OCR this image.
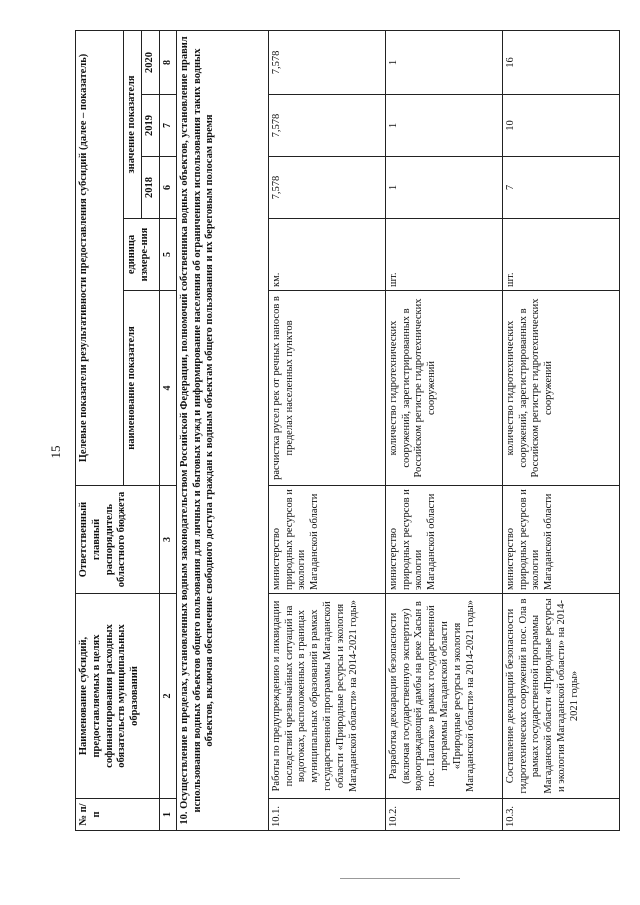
15
№ п/п	Наименование субсидий, предоставляемых в целях софинансирования расходных обязательств муниципальных образований	Ответственный главный распорядитель областного бюджета	Целевые показатели результативности предоставления субсидий (далее – показатель)				
			наименование показателя	единица измере-ния	значение показателя		
					2018	2019	2020
1	2	3	4	5	6	7	8
10. Осуществление в пределах, установленных водным законодательством Российской Федерации, полномочий собственника водных объектов, установление правил использования водных объектов общего пользования для личных и бытовых нужд и информирование населения об ограничениях использования таких водных объектов, включая обеспечение свободного доступа граждан к водным объектам общего пользования и их береговым полосам время							
10.1.	Работы по предупреждению и ликвидации последствий чрезвычайных ситуаций на водотоках, расположенных в границах муниципальных образований в рамках государственной программы Магаданской области «Природные ресурсы и экология Магаданской области» на 2014-2021 годы»	министерство природных ресурсов и экологии Магаданской области	расчистка русел рек от речных наносов в пределах населенных пунктов	км.	7,578	7,578	7,578
10.2.	Разработка декларации безопасности (включая государственную экспертизу) водоограждающей дамбы на реке Хасын в пос. Палатка» в рамках государственной программы Магаданской области «Природные ресурсы и экология Магаданской области» на 2014-2021 годы»	министерство природных ресурсов и экологии Магаданской области	количество гидротехнических сооружений, зарегистрированных в Российском регистре гидротехнических сооружений	шт.	1	1	1
10.3.	Составление деклараций безопасности гидротехнических сооружений в пос. Ола в рамках государственной программы Магаданской области «Природные ресурсы и экология Магаданской области» на 2014-2021 годы»	министерство природных ресурсов и экологии Магаданской области	количество гидротехнических сооружений, зарегистрированных в Российском регистре гидротехнических сооружений	шт.	7	10	16
